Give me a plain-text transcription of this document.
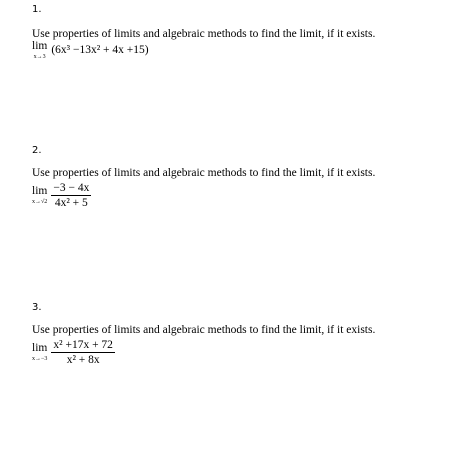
1.

Use properties of limits and algebraic methods to find the limit, if it exists.

lim
x→3
(6x³ −13x² + 4x +15)

2.

Use properties of limits and algebraic methods to find the limit, if it exists.

lim
$x\to√2 \frac{-3 - 4x}{\text{4x² + 5}}$

3.

Use properties of limits and algebraic methods to find the limit, if it exists.

lim
$x\to-3 \frac{\text{x² +17x + 72}}{\text{x² + 8x}}$
